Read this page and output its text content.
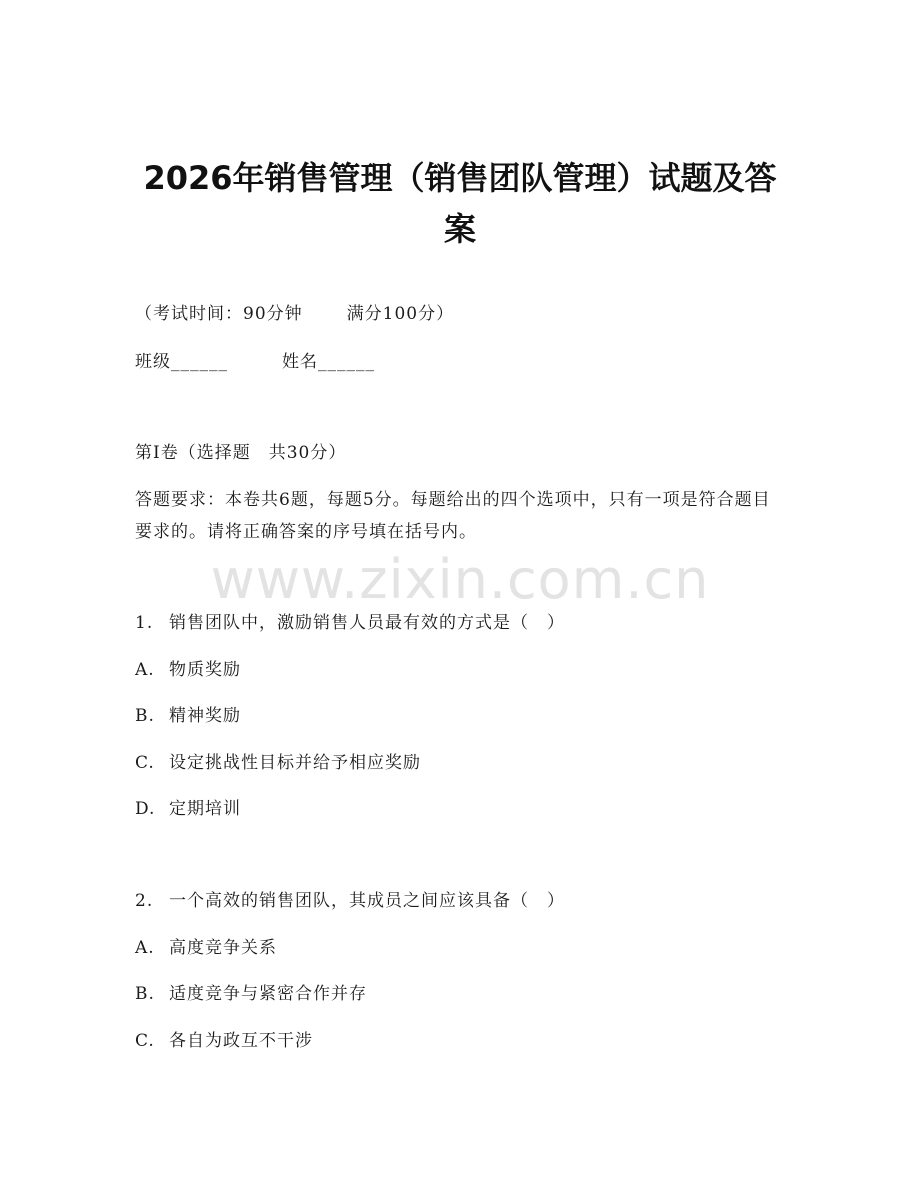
2026年销售管理（销售团队管理）试题及答
案
（考试时间：90分钟	满分100分）
班级______	姓名______
第Ⅰ卷（选择题　共30分）
答题要求：本卷共6题，每题5分。每题给出的四个选项中，只有一项是符合题目要求的。请将正确答案的序号填在括号内。
www.zixin.com.cn
1. 销售团队中，激励销售人员最有效的方式是（　）
A. 物质奖励
B. 精神奖励
C. 设定挑战性目标并给予相应奖励
D. 定期培训
2. 一个高效的销售团队，其成员之间应该具备（　）
A. 高度竞争关系
B. 适度竞争与紧密合作并存
C. 各自为政互不干涉
